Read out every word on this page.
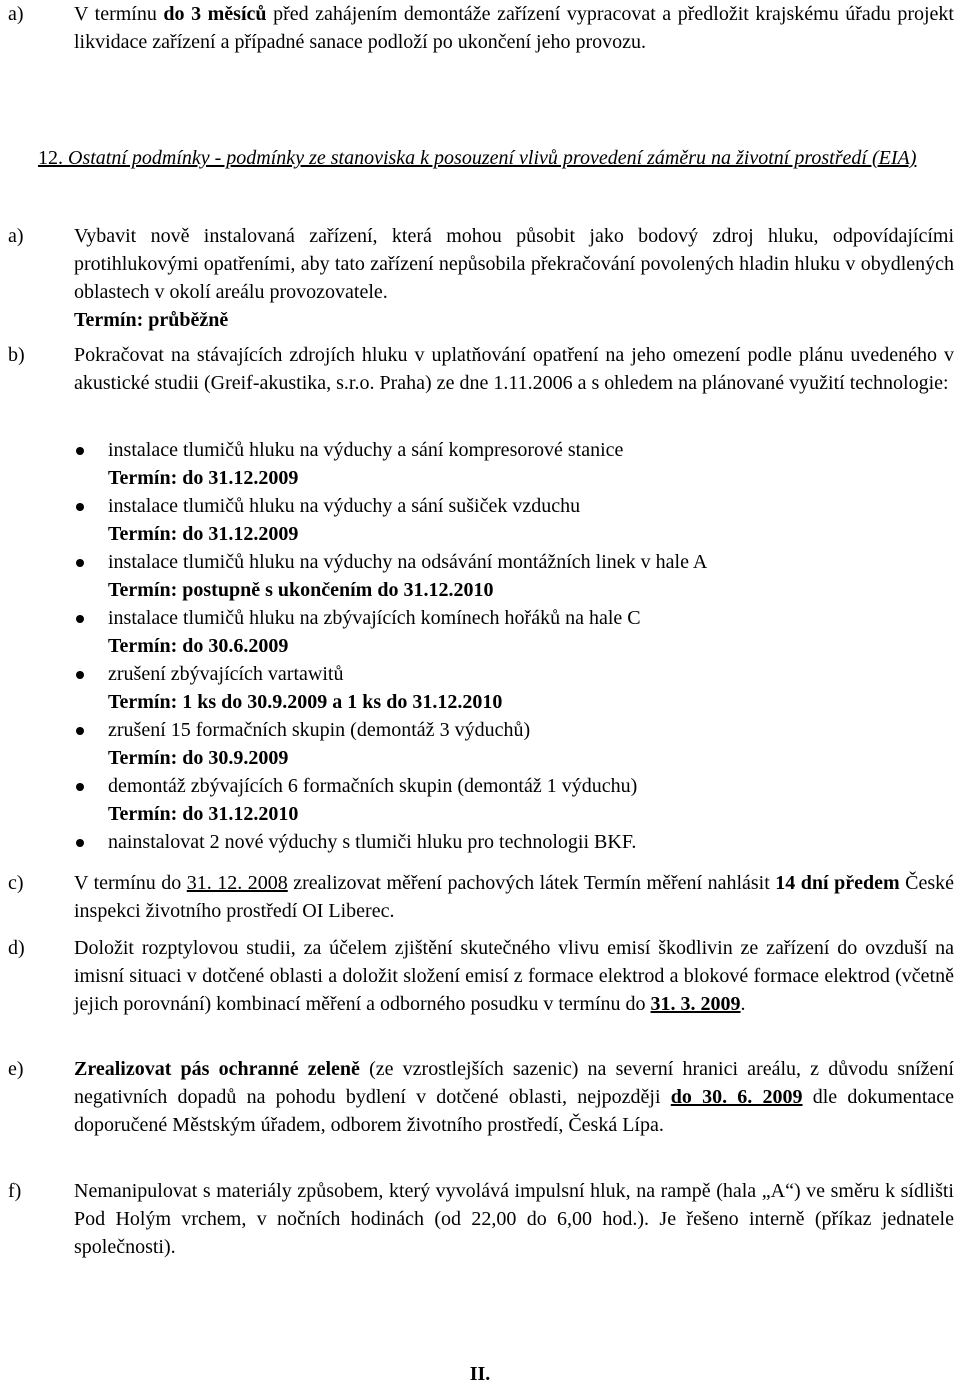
a)	V termínu do 3 měsíců před zahájením demontáže zařízení vypracovat a předložit krajskému úřadu projekt likvidace zařízení a případné sanace podloží po ukončení jeho provozu.

12. Ostatní podmínky - podmínky ze stanoviska k posouzení vlivů provedení záměru na životní prostředí (EIA)

a)	Vybavit nově instalovaná zařízení, která mohou působit jako bodový zdroj hluku, odpovídajícími protihlukovými opatřeními, aby tato zařízení nepůsobila překračování povolených hladin hluku v obydlených oblastech v okolí areálu provozovatele.
Termín: průběžně

b) Pokračovat na stávajících zdrojích hluku v uplatňování opatření na jeho omezení podle plánu uvedeného v akustické studii (Greif-akustika, s.r.o. Praha) ze dne 1.11.2006 a s ohledem na plánované využití technologie:

instalace tlumičů hluku na výduchy a sání kompresorové stanice
Termín: do 31.12.2009
instalace tlumičů hluku na výduchy a sání sušiček vzduchu
Termín: do 31.12.2009
instalace tlumičů hluku na výduchy na odsávání montážních linek v hale A
Termín: postupně s ukončením do 31.12.2010
instalace tlumičů hluku na zbývajících komínech hořáků na hale C
Termín: do 30.6.2009
zrušení zbývajících vartawitů
Termín: 1 ks do 30.9.2009 a 1 ks do 31.12.2010
zrušení 15 formačních skupin (demontáž 3 výduchů)
Termín: do 30.9.2009
demontáž zbývajících 6 formačních skupin (demontáž 1 výduchu)
Termín: do 31.12.2010
nainstalovat 2 nové výduchy s tlumiči hluku pro technologii BKF.

c)	V termínu do 31. 12. 2008 zrealizovat měření pachových látek Termín měření nahlásit 14 dní předem České inspekci životního prostředí OI Liberec.

d) Doložit rozptylovou studii, za účelem zjištění skutečného vlivu emisí škodlivin ze zařízení do ovzduší na imisní situaci v dotčené oblasti a doložit složení emisí z formace elektrod a blokové formace elektrod (včetně jejich porovnání) kombinací měření a odborného posudku v termínu do 31. 3. 2009.

e)	Zrealizovat pás ochranné zeleně (ze vzrostlejších sazenic) na severní hranici areálu, z důvodu snížení negativních dopadů na pohodu bydlení v dotčené oblasti, nejpozději do 30. 6. 2009 dle dokumentace doporučené Městským úřadem, odborem životního prostředí, Česká Lípa.

f)	Nemanipulovat s materiály způsobem, který vyvolává impulsní hluk, na rampě (hala „A“) ve směru k sídlišti Pod Holým vrchem, v nočních hodinách (od 22,00 do 6,00 hod.). Je řešeno interně (příkaz jednatele společnosti).

II.
